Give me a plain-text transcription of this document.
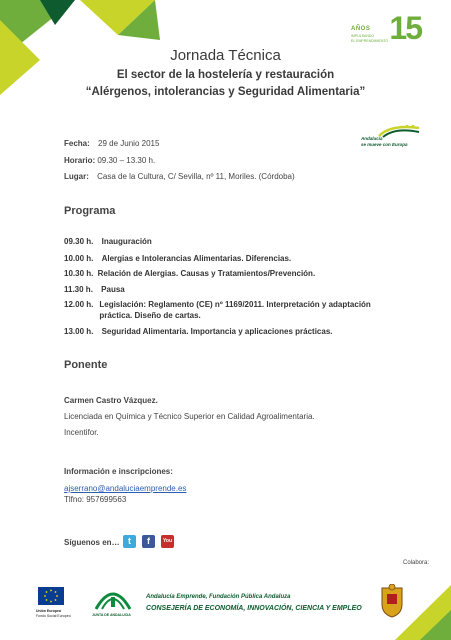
AÑOS
IMPULSANDO
EL EMPRENDIMIENTO 15
Jornada Técnica
El sector de la hostelería y restauración
“Alérgenos, intolerancias y Seguridad Alimentaria”
Fecha: 29 de Junio 2015
Horario: 09.30 – 13.30 h.
Lugar: Casa de la Cultura, C/ Sevilla, nº 11, Moriles. (Córdoba)
Andalucía
se mueve con Europa
Programa
09.30 h. Inauguración
10.00 h. Alergias e Intolerancias Alimentarias. Diferencias.
10.30 h. Relación de Alergias. Causas y Tratamientos/Prevención.
11.30 h. Pausa
12.00 h. Legislación: Reglamento (CE) nº 1169/2011. Interpretación y adaptación práctica. Diseño de cartas.
13.00 h. Seguridad Alimentaria. Importancia y aplicaciones prácticas.
Ponente
Carmen Castro Vázquez.
Licenciada en Química y Técnico Superior en Calidad Agroalimentaria.
Incentifor.
Información e inscripciones:
ajserrano@andaluciaemprende.es
Tlfno: 957699563
Síguenos en… t	f	You
Colabora:
Unión Europea
Fondo Social Europeo	JUNTA DE ANDALUCIA
Andalucía Emprende, Fundación Pública Andaluza
CONSEJERÍA DE ECONOMÍA, INNOVACIÓN, CIENCIA Y EMPLEO
